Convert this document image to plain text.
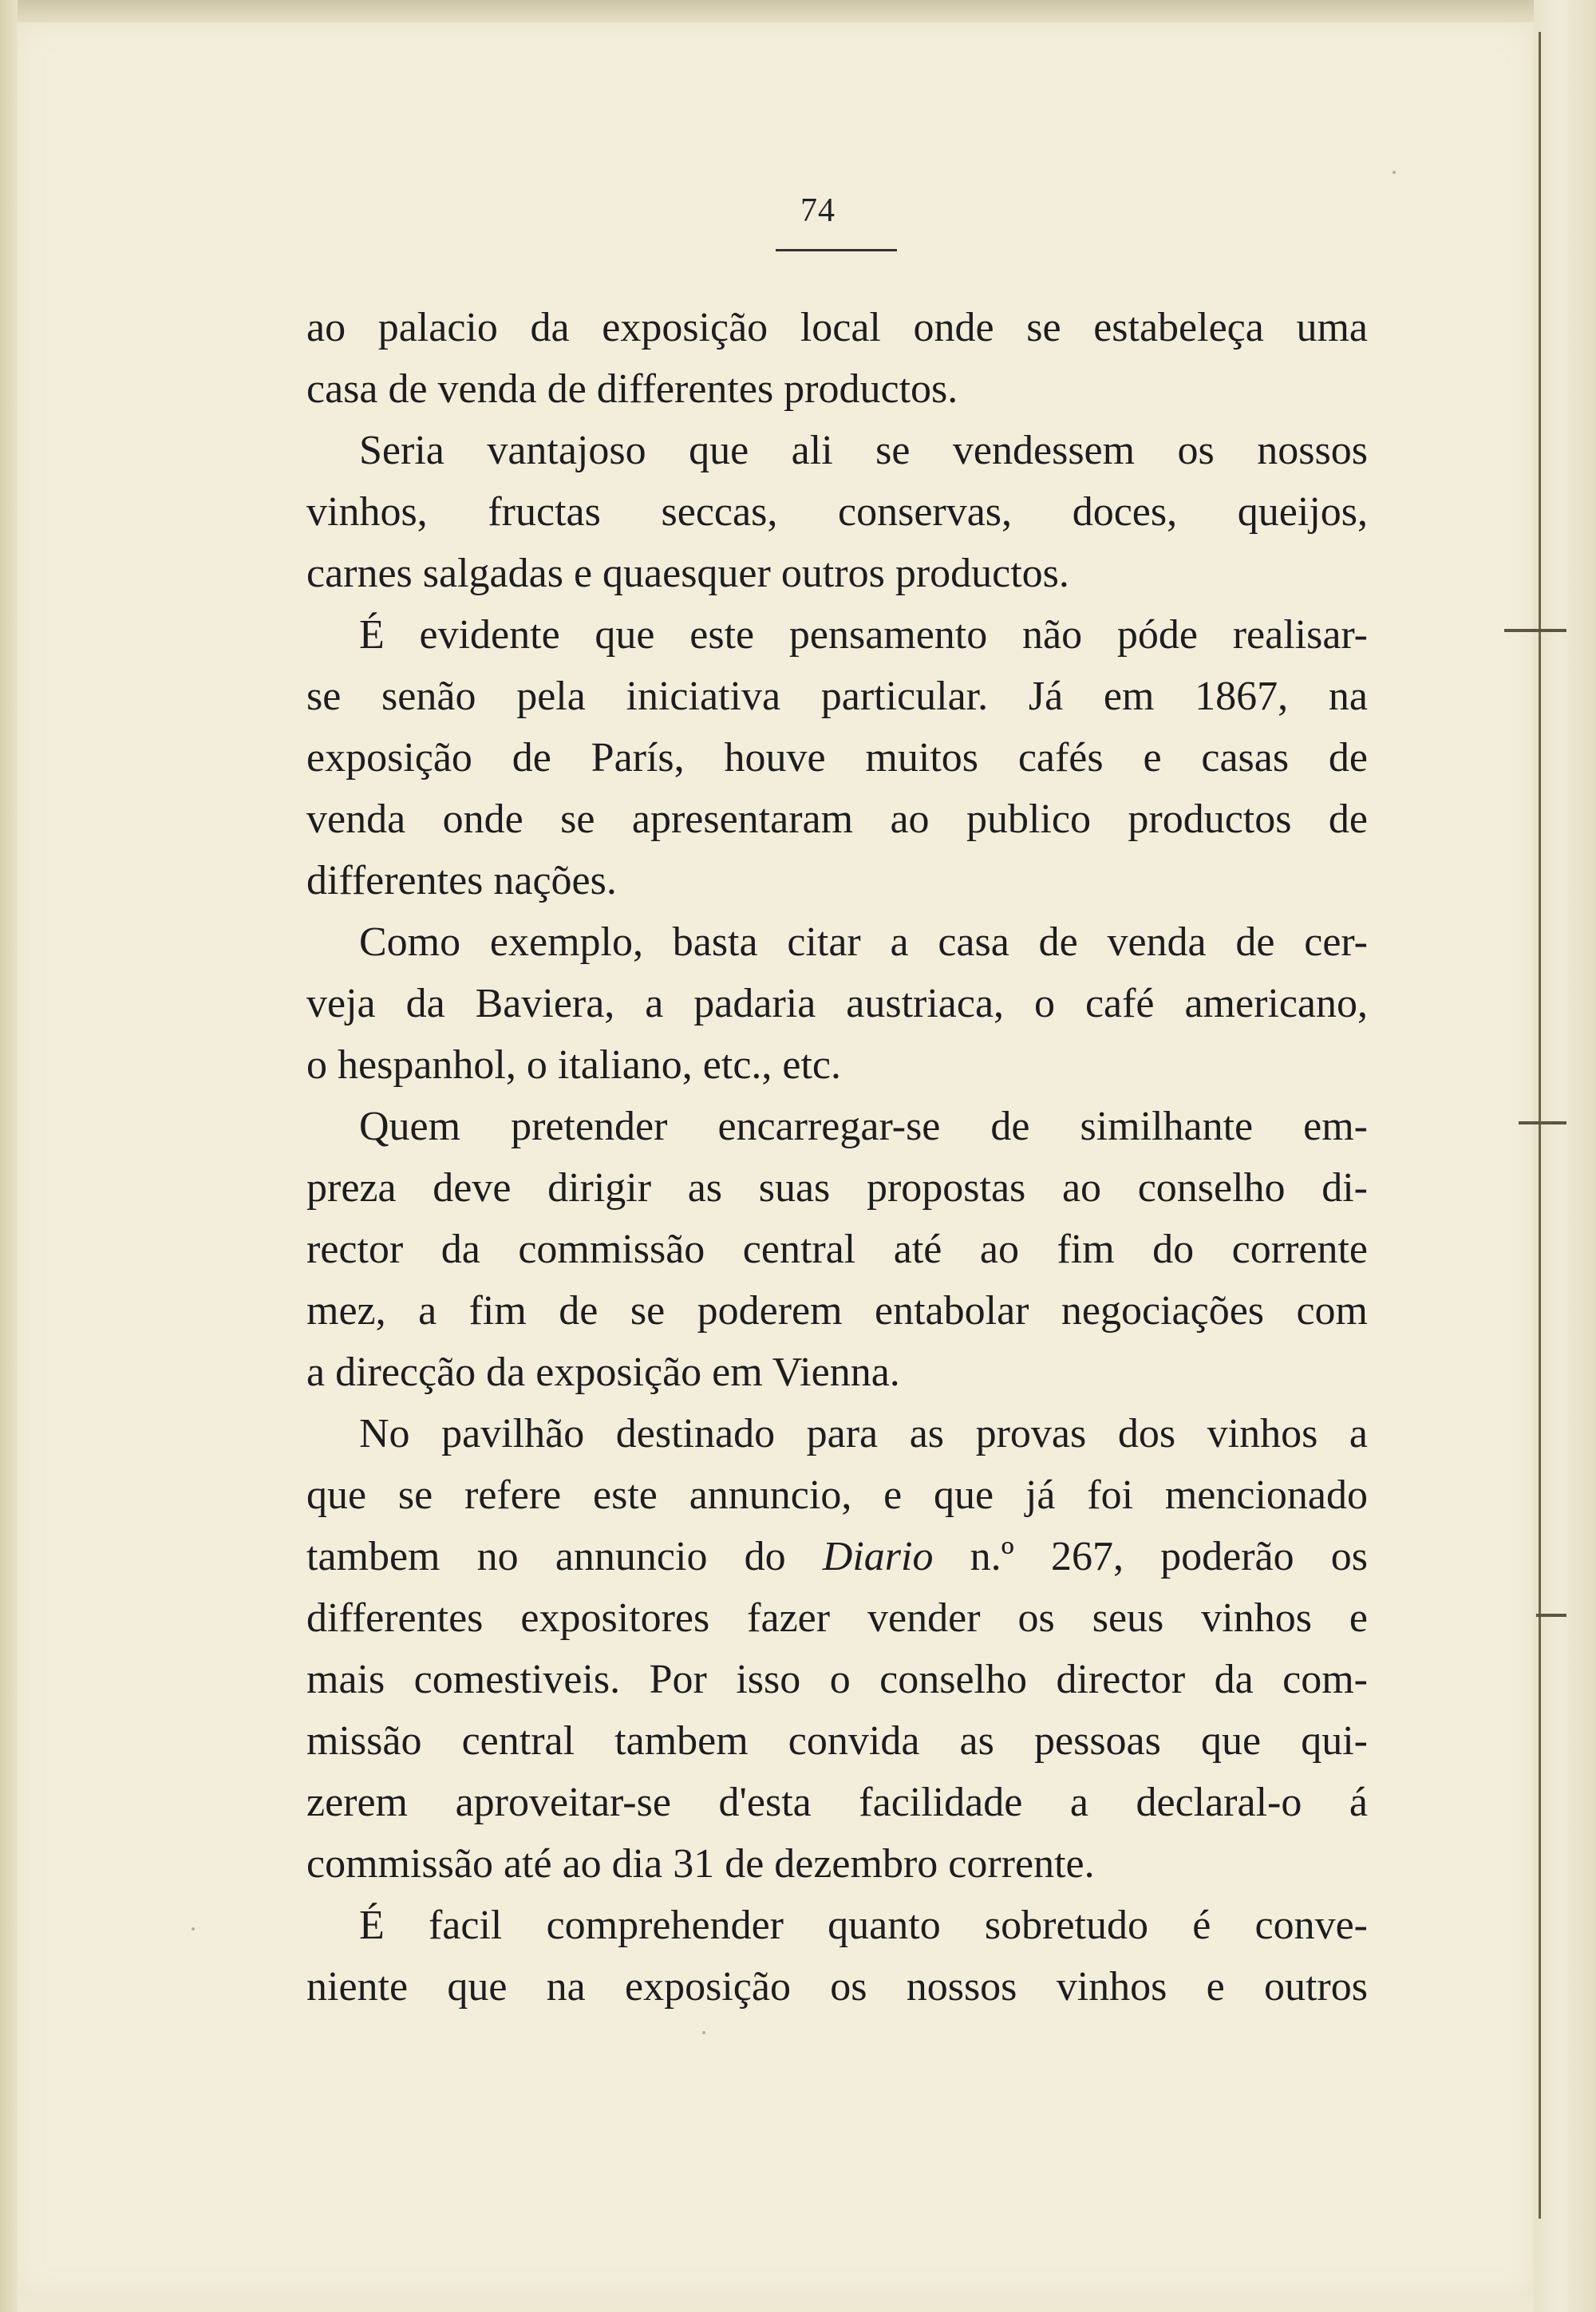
74
ao palacio da exposição local onde se estabeleça uma
casa de venda de differentes productos.
Seria vantajoso que ali se vendessem os nossos
vinhos, fructas seccas, conservas, doces, queijos,
carnes salgadas e quaesquer outros productos.
É evidente que este pensamento não póde realisar-
se senão pela iniciativa particular. Já em 1867, na
exposição de París, houve muitos cafés e casas de
venda onde se apresentaram ao publico productos de
differentes nações.
Como exemplo, basta citar a casa de venda de cer-
veja da Baviera, a padaria austriaca, o café americano,
o hespanhol, o italiano, etc., etc.
Quem pretender encarregar-se de similhante em-
preza deve dirigir as suas propostas ao conselho di-
rector da commissão central até ao fim do corrente
mez, a fim de se poderem entabolar negociações com
a direcção da exposição em Vienna.
No pavilhão destinado para as provas dos vinhos a
que se refere este annuncio, e que já foi mencionado
tambem no annuncio do Diario n.º 267, poderão os
differentes expositores fazer vender os seus vinhos e
mais comestiveis. Por isso o conselho director da com-
missão central tambem convida as pessoas que qui-
zerem aproveitar-se d'esta facilidade a declaral-o á
commissão até ao dia 31 de dezembro corrente.
É facil comprehender quanto sobretudo é conve-
niente que na exposição os nossos vinhos e outros
